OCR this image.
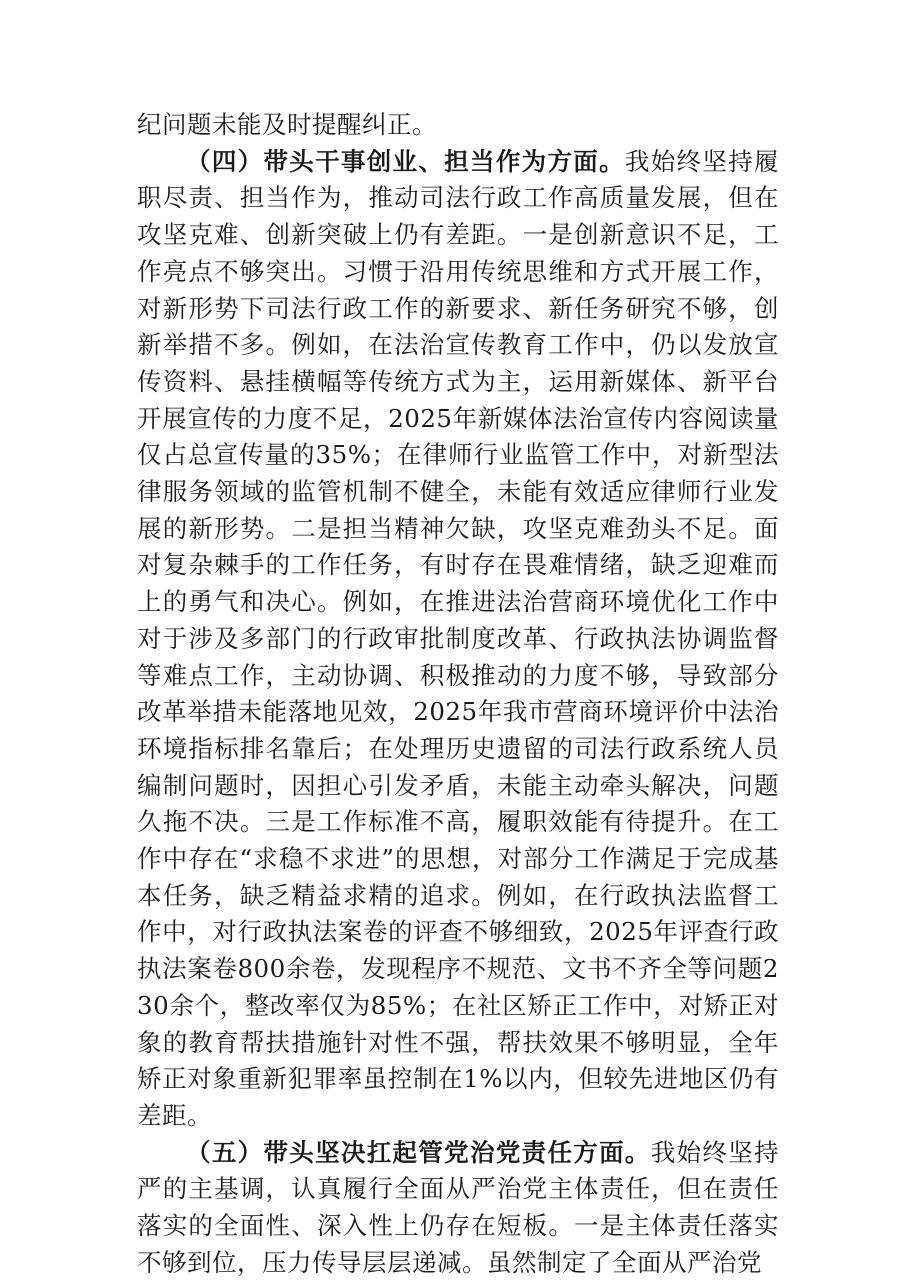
纪问题未能及时提醒纠正。

（四）带头干事创业、担当作为方面。我始终坚持履职尽责、担当作为，推动司法行政工作高质量发展，但在攻坚克难、创新突破上仍有差距。一是创新意识不足，工作亮点不够突出。习惯于沿用传统思维和方式开展工作，对新形势下司法行政工作的新要求、新任务研究不够，创新举措不多。例如，在法治宣传教育工作中，仍以发放宣传资料、悬挂横幅等传统方式为主，运用新媒体、新平台开展宣传的力度不足，2025年新媒体法治宣传内容阅读量仅占总宣传量的35%；在律师行业监管工作中，对新型法律服务领域的监管机制不健全，未能有效适应律师行业发展的新形势。二是担当精神欠缺，攻坚克难劲头不足。面对复杂棘手的工作任务，有时存在畏难情绪，缺乏迎难而上的勇气和决心。例如，在推进法治营商环境优化工作中对于涉及多部门的行政审批制度改革、行政执法协调监督等难点工作，主动协调、积极推动的力度不够，导致部分改革举措未能落地见效，2025年我市营商环境评价中法治环境指标排名靠后；在处理历史遗留的司法行政系统人员编制问题时，因担心引发矛盾，未能主动牵头解决，问题久拖不决。三是工作标准不高，履职效能有待提升。在工作中存在“求稳不求进”的思想，对部分工作满足于完成基本任务，缺乏精益求精的追求。例如，在行政执法监督工作中，对行政执法案卷的评查不够细致，2025年评查行政执法案卷800余卷，发现程序不规范、文书不齐全等问题230余个，整改率仅为85%；在社区矫正工作中，对矫正对象的教育帮扶措施针对性不强，帮扶效果不够明显，全年矫正对象重新犯罪率虽控制在1%以内，但较先进地区仍有差距。

（五）带头坚决扛起管党治党责任方面。我始终坚持严的主基调，认真履行全面从严治党主体责任，但在责任落实的全面性、深入性上仍存在短板。一是主体责任落实不够到位，压力传导层层递减。虽然制定了全面从严治党
